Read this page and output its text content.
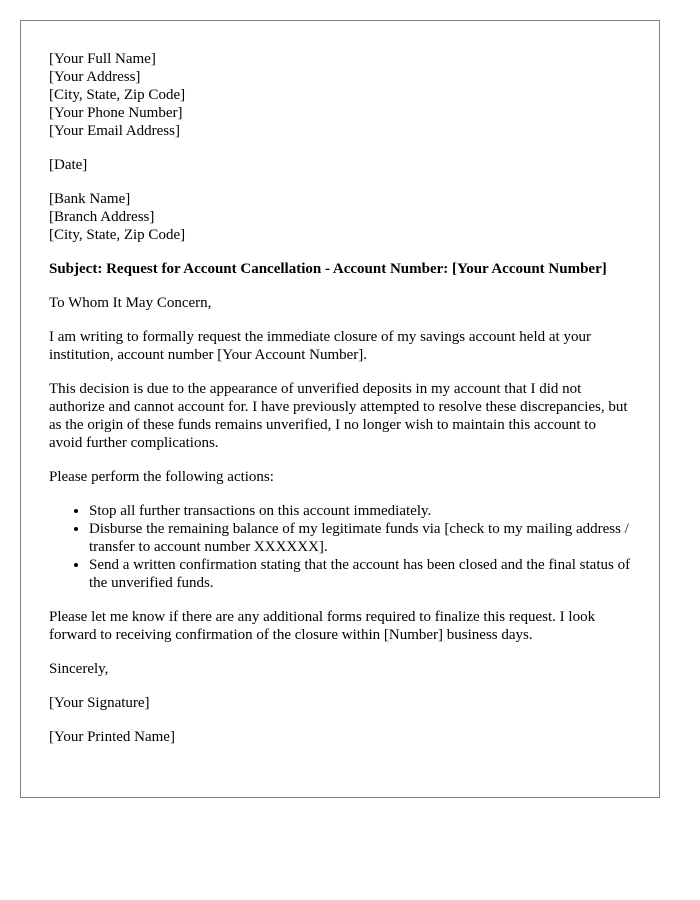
[Your Full Name]
[Your Address]
[City, State, Zip Code]
[Your Phone Number]
[Your Email Address]

[Date]

[Bank Name]
[Branch Address]
[City, State, Zip Code]

Subject: Request for Account Cancellation - Account Number: [Your Account Number]

To Whom It May Concern,

I am writing to formally request the immediate closure of my savings account held at your institution, account number [Your Account Number].

This decision is due to the appearance of unverified deposits in my account that I did not authorize and cannot account for. I have previously attempted to resolve these discrepancies, but as the origin of these funds remains unverified, I no longer wish to maintain this account to avoid further complications.

Please perform the following actions:

• Stop all further transactions on this account immediately.
• Disburse the remaining balance of my legitimate funds via [check to my mailing address / transfer to account number XXXXXX].
• Send a written confirmation stating that the account has been closed and the final status of the unverified funds.

Please let me know if there are any additional forms required to finalize this request. I look forward to receiving confirmation of the closure within [Number] business days.

Sincerely,

[Your Signature]

[Your Printed Name]
